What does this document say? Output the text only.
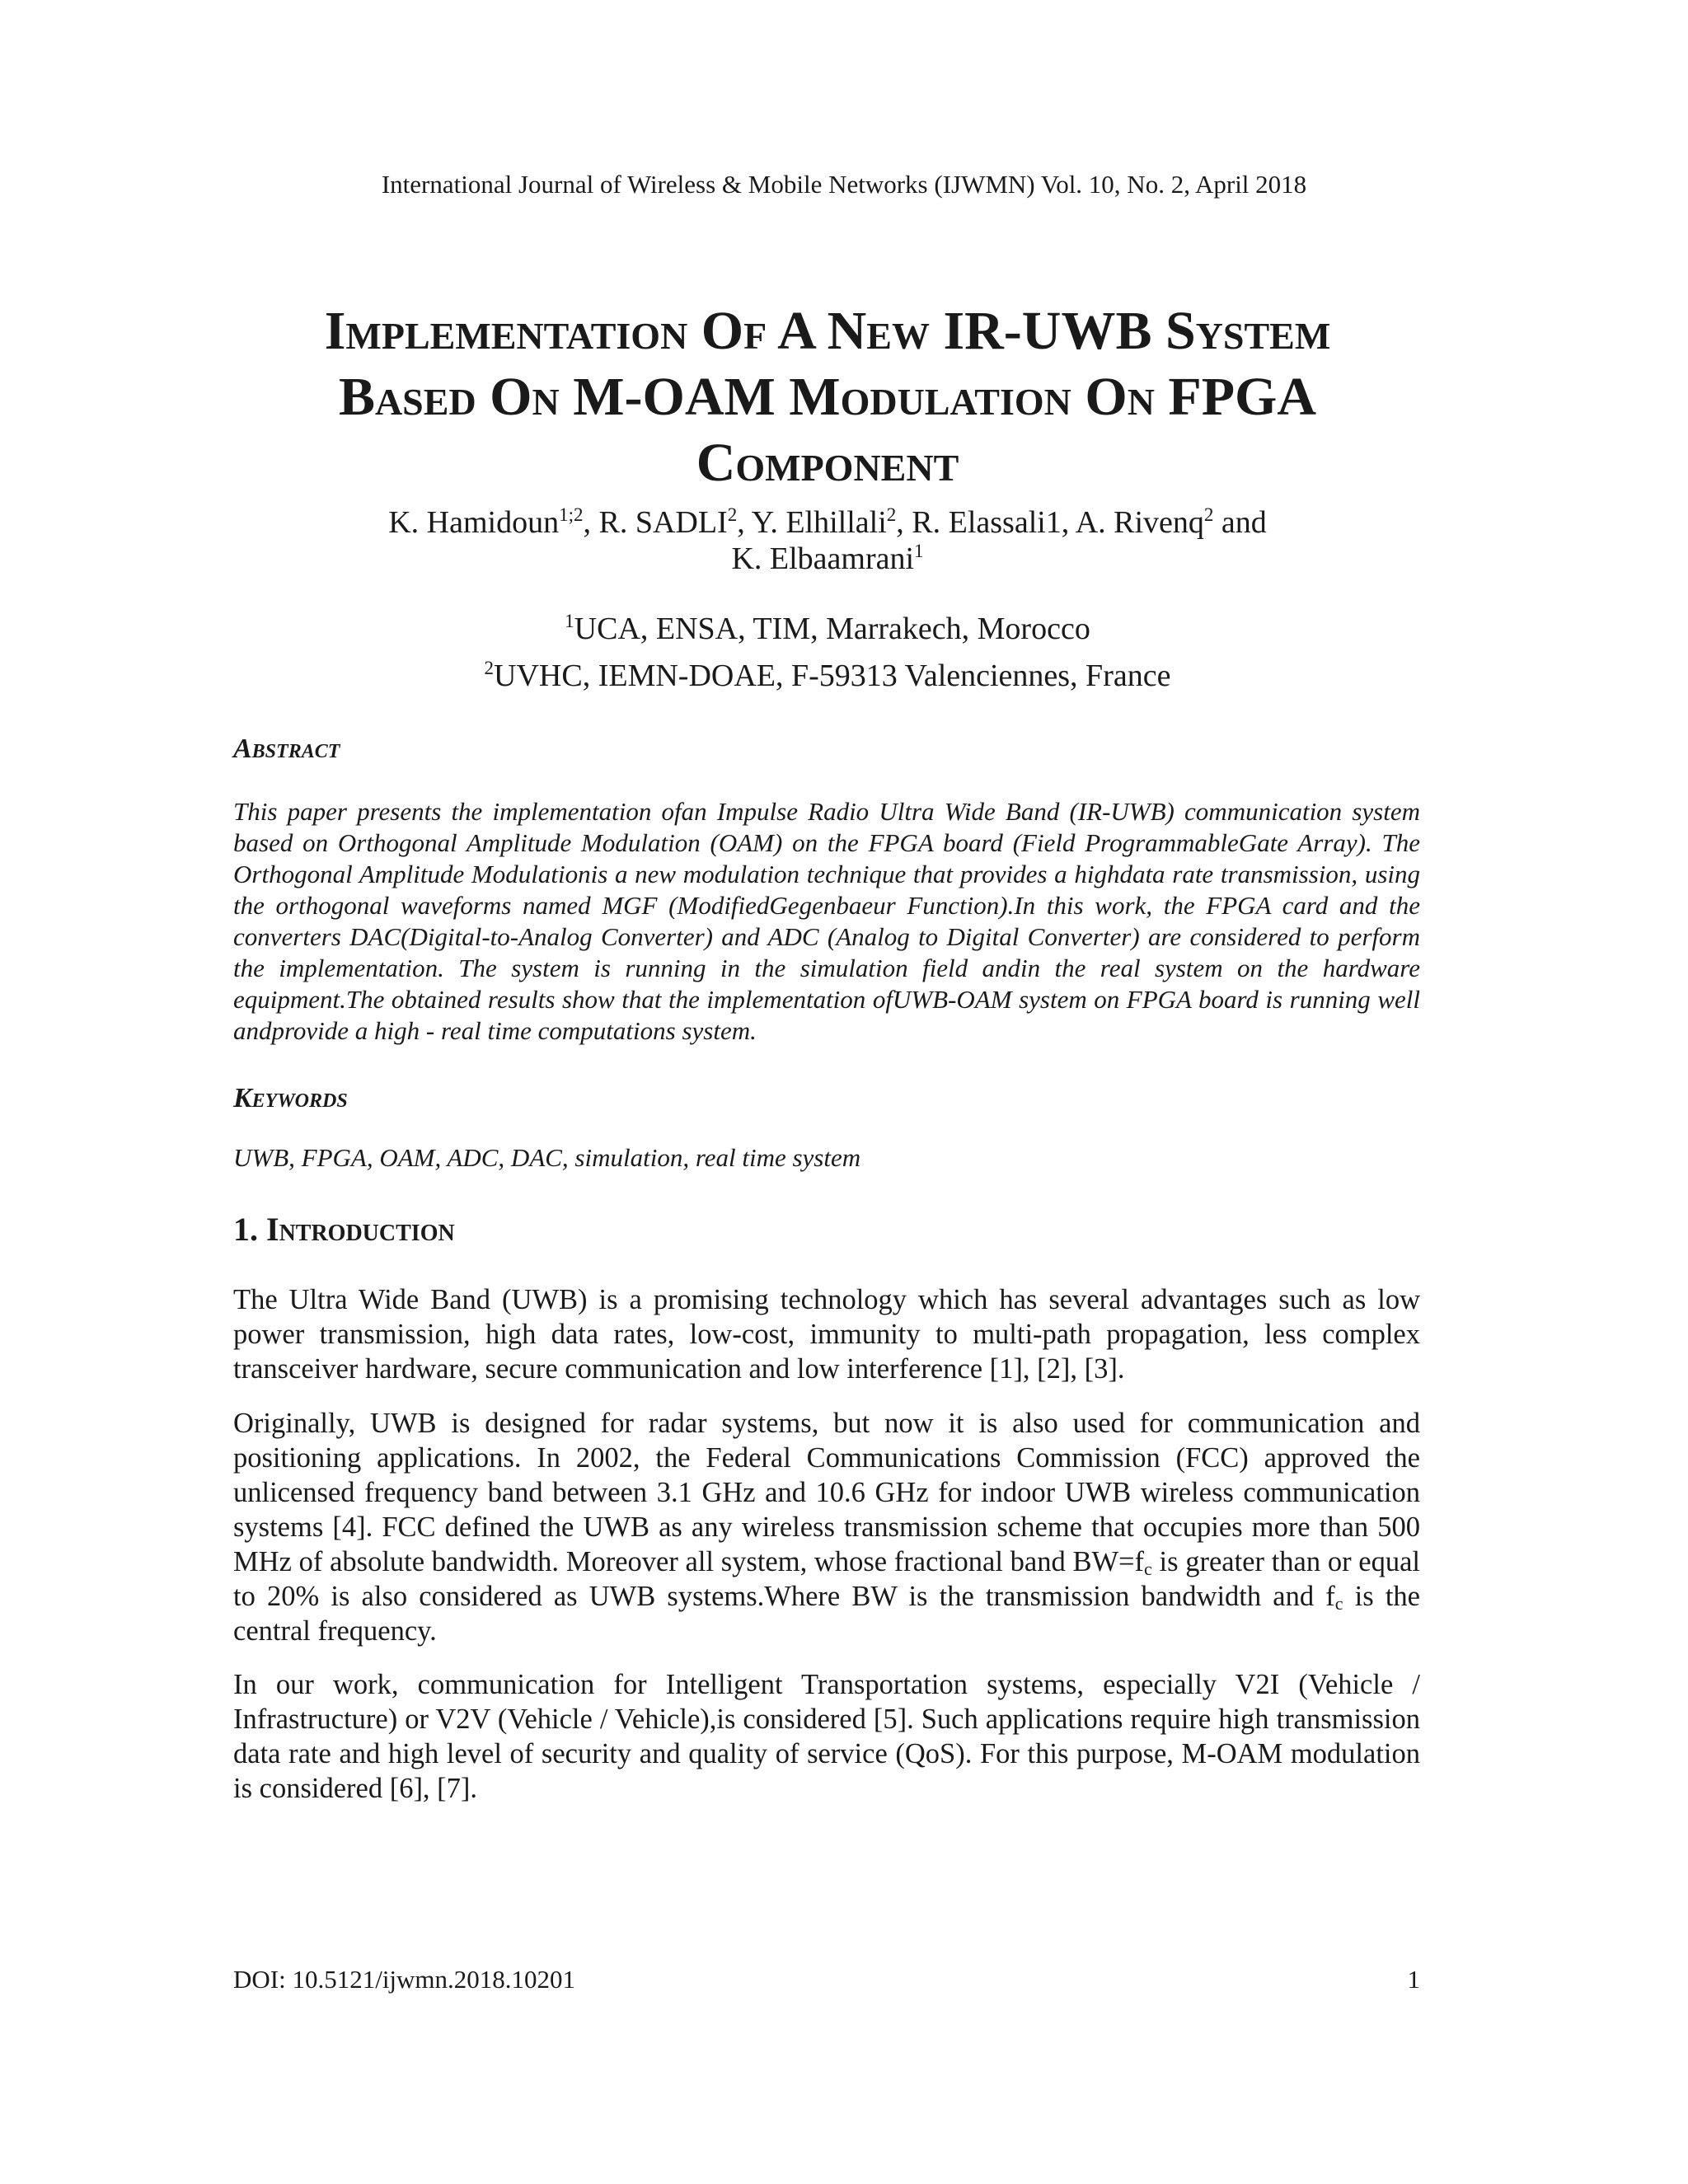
International Journal of Wireless & Mobile Networks (IJWMN) Vol. 10, No. 2, April 2018
Implementation Of A New IR-UWB System
Based On M-OAM Modulation On FPGA
Component
K. Hamidoun$^{1;2}$, R. SADLI$^2$, Y. Elhillali$^2$, R. Elassali1, A. Rivenq$^2$ and
K. Elbaamrani$^1$
$^1$UCA, ENSA, TIM, Marrakech, Morocco
$^2$UVHC, IEMN-DOAE, F-59313 Valenciennes, France
Abstract
This paper presents the implementation ofan Impulse Radio Ultra Wide Band (IR-UWB) communication system based on Orthogonal Amplitude Modulation (OAM) on the FPGA board (Field ProgrammableGate Array). The Orthogonal Amplitude Modulationis a new modulation technique that provides a highdata rate transmission, using the orthogonal waveforms named MGF (ModifiedGegenbaeur Function).In this work, the FPGA card and the converters DAC(Digital-to-Analog Converter) and ADC (Analog to Digital Converter) are considered to perform the implementation. The system is running in the simulation field andin the real system on the hardware equipment.The obtained results show that the implementation ofUWB-OAM system on FPGA board is running well andprovide a high - real time computations system.
Keywords
UWB, FPGA, OAM, ADC, DAC, simulation, real time system
1. Introduction
The Ultra Wide Band (UWB) is a promising technology which has several advantages such as low power transmission, high data rates, low-cost, immunity to multi-path propagation, less complex transceiver hardware, secure communication and low interference [1], [2], [3].
Originally, UWB is designed for radar systems, but now it is also used for communication and positioning applications. In 2002, the Federal Communications Commission (FCC) approved the unlicensed frequency band between 3.1 GHz and 10.6 GHz for indoor UWB wireless communication systems [4]. FCC defined the UWB as any wireless transmission scheme that occupies more than 500 MHz of absolute bandwidth. Moreover all system, whose fractional band $BW=f_c$ is greater than or equal to 20% is also considered as UWB systems.Where BW is the transmission bandwidth and $f_c$ is the central frequency.
In our work, communication for Intelligent Transportation systems, especially V2I (Vehicle / Infrastructure) or V2V (Vehicle / Vehicle),is considered [5]. Such applications require high transmission data rate and high level of security and quality of service (QoS). For this purpose, M-OAM modulation is considered [6], [7].
DOI: 10.5121/ijwmn.2018.10201	1
